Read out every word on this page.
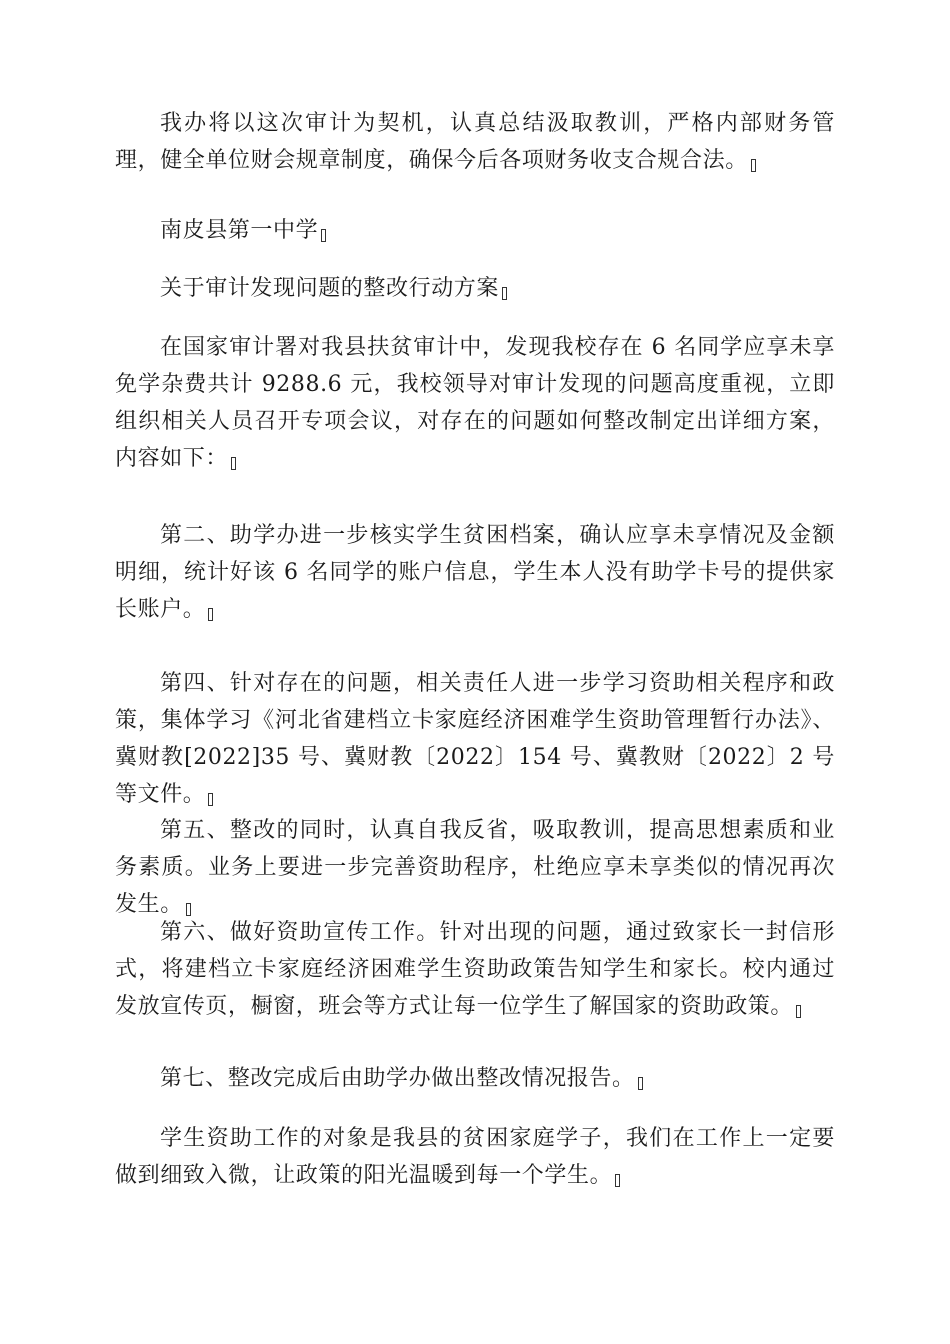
我办将以这次审计为契机，认真总结汲取教训，严格内部财务管理，健全单位财会规章制度，确保今后各项财务收支合规合法。

南皮县第一中学

关于审计发现问题的整改行动方案

在国家审计署对我县扶贫审计中，发现我校存在 6 名同学应享未享免学杂费共计 9288.6 元，我校领导对审计发现的问题高度重视，立即组织相关人员召开专项会议，对存在的问题如何整改制定出详细方案，内容如下：

第二、助学办进一步核实学生贫困档案，确认应享未享情况及金额明细，统计好该 6 名同学的账户信息，学生本人没有助学卡号的提供家长账户。

第四、针对存在的问题，相关责任人进一步学习资助相关程序和政策，集体学习《河北省建档立卡家庭经济困难学生资助管理暂行办法》、冀财教[2022]35 号、冀财教〔2022〕154 号、冀教财〔2022〕2 号等文件。

第五、整改的同时，认真自我反省，吸取教训，提高思想素质和业务素质。业务上要进一步完善资助程序，杜绝应享未享类似的情况再次发生。

第六、做好资助宣传工作。针对出现的问题，通过致家长一封信形式，将建档立卡家庭经济困难学生资助政策告知学生和家长。校内通过发放宣传页，橱窗，班会等方式让每一位学生了解国家的资助政策。

第七、整改完成后由助学办做出整改情况报告。

学生资助工作的对象是我县的贫困家庭学子，我们在工作上一定要做到细致入微，让政策的阳光温暖到每一个学生。
